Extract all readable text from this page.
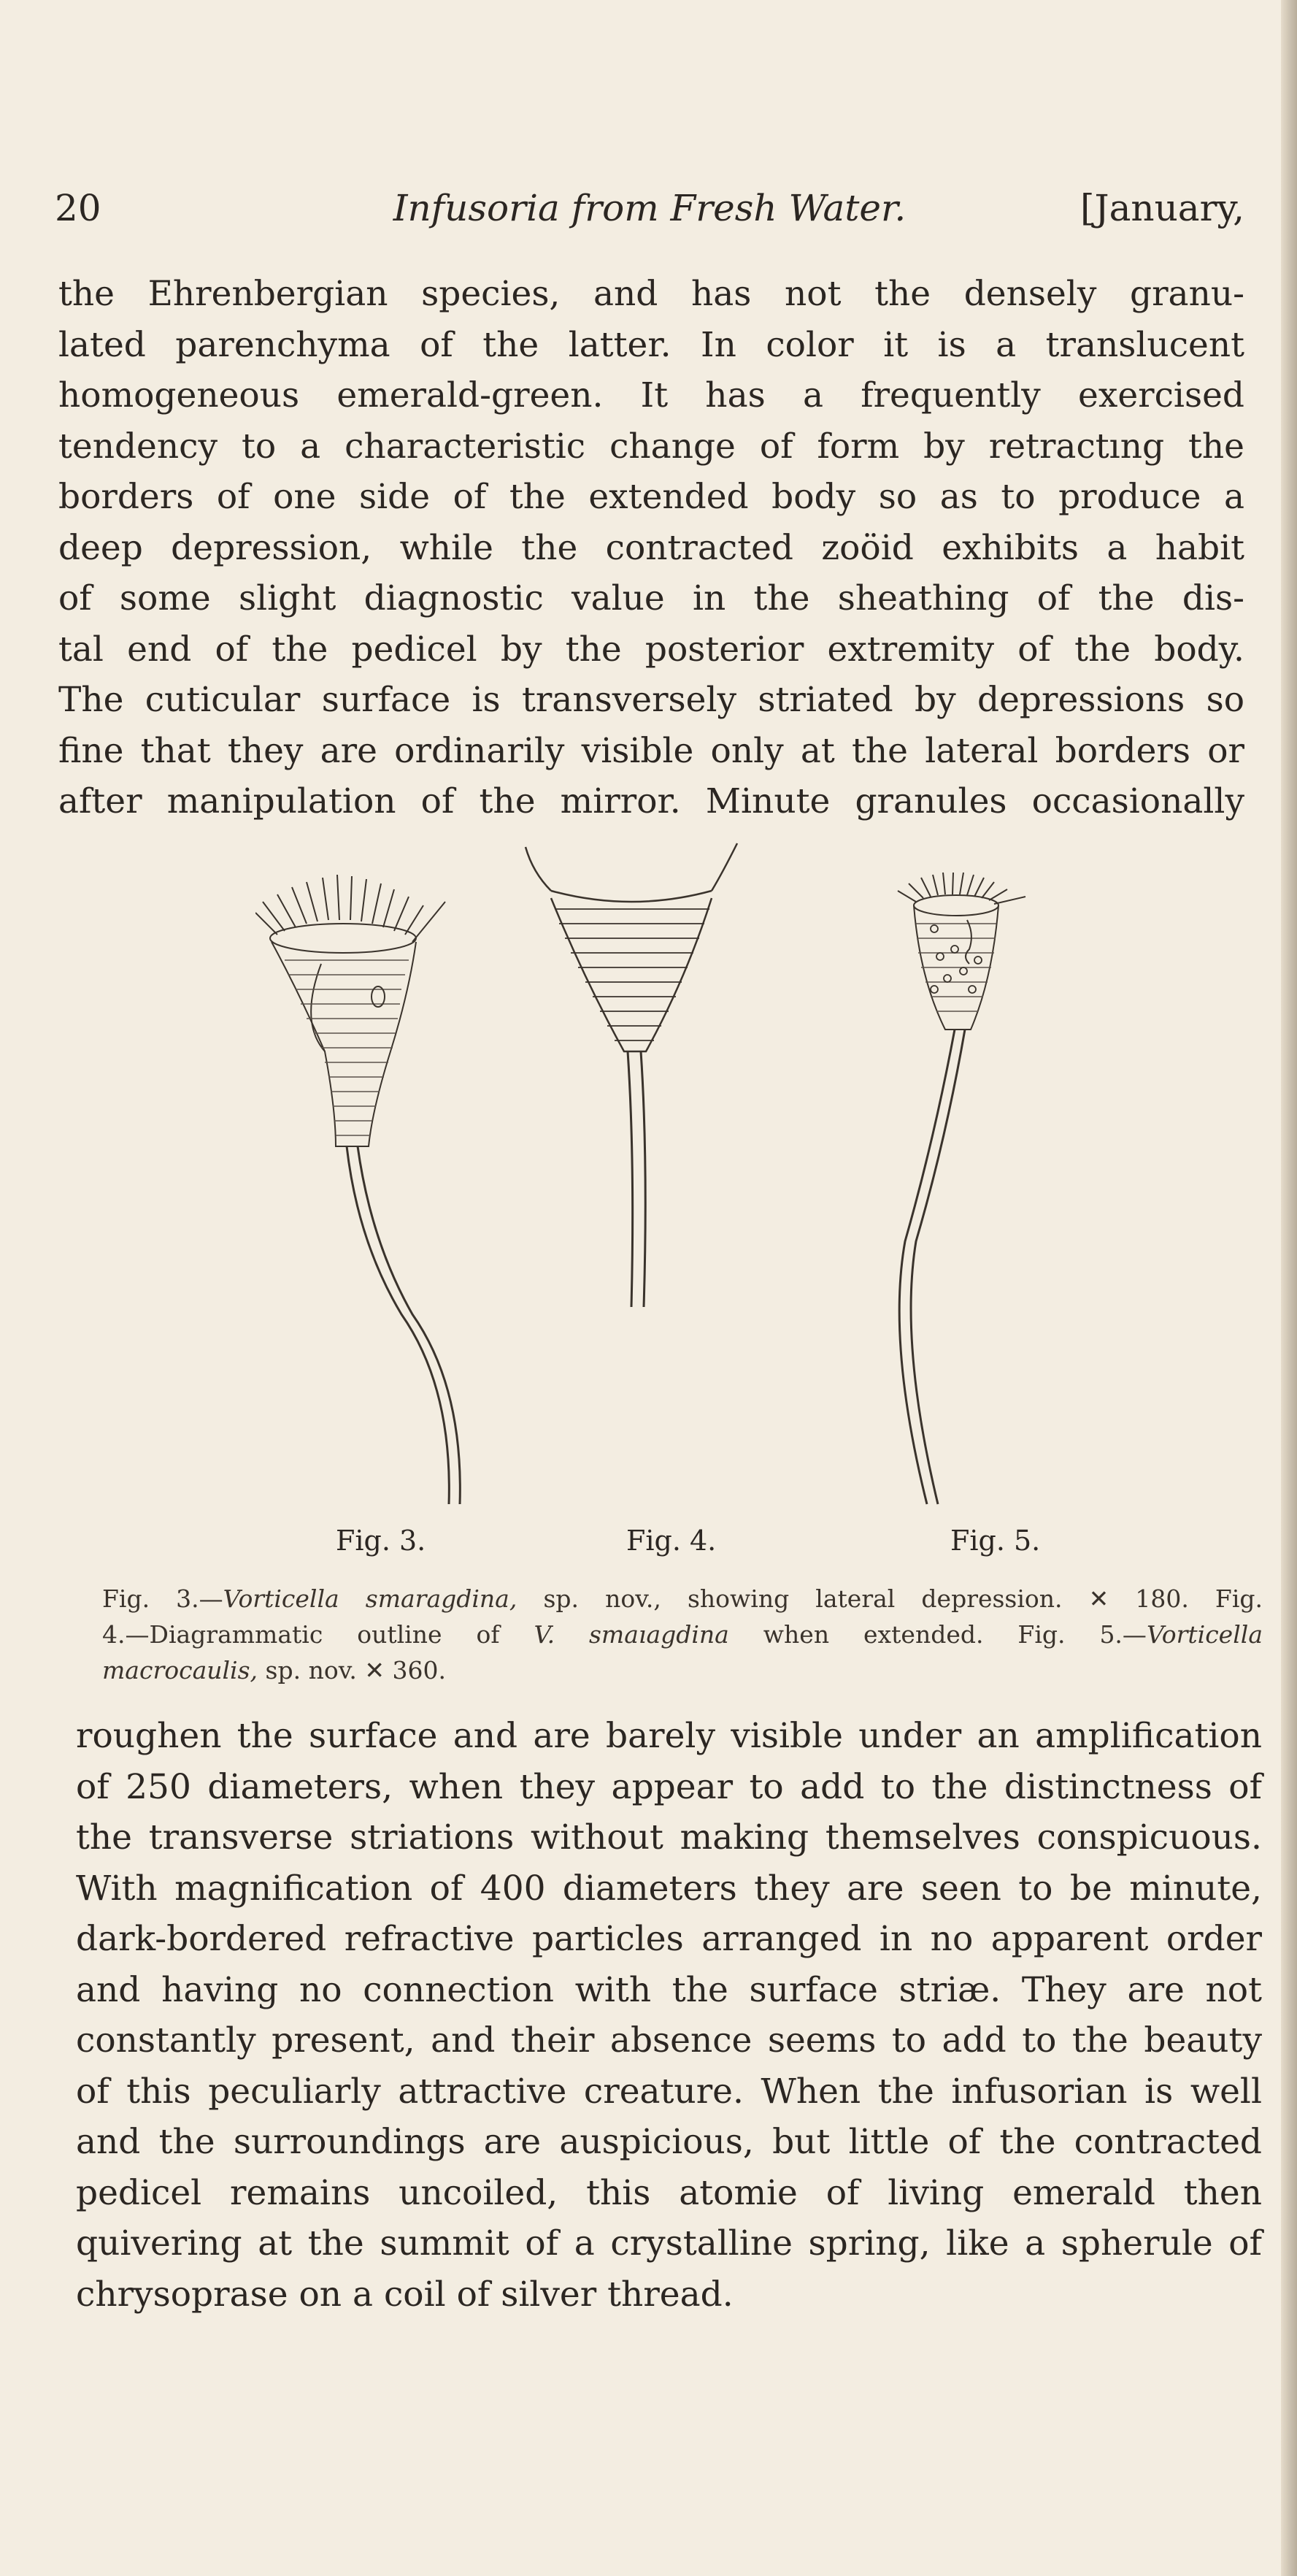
20	Infusoria from Fresh Water.	[January,
the Ehrenbergian species, and has not the densely granu-
lated parenchyma of the latter. In color it is a translucent
homogeneous emerald-green. It has a frequently exercised
tendency to a characteristic change of form by retractıng the
borders of one side of the extended body so as to produce a
deep depression, while the contracted zoöid exhibits a habit
of some slight diagnostic value in the sheathing of the dis-
tal end of the pedicel by the posterior extremity of the body.
The cuticular surface is transversely striated by depressions so
fine that they are ordinarily visible only at the lateral borders or
after manipulation of the mirror. Minute granules occasionally
Fig. 3.	Fig. 4.	Fig. 5.
Fig. 3.—Vorticella smaragdina, sp. nov., showing lateral depression. ✕ 180. Fig.
4.—Diagrammatic outline of V. smaıagdina when extended. Fig. 5.—Vorticella
macrocaulis, sp. nov. ✕ 360.
roughen the surface and are barely visible under an amplification
of 250 diameters, when they appear to add to the distinctness of
the transverse striations without making themselves conspicuous.
With magnification of 400 diameters they are seen to be minute,
dark-bordered refractive particles arranged in no apparent order
and having no connection with the surface striæ. They are not
constantly present, and their absence seems to add to the beauty
of this peculiarly attractive creature. When the infusorian is well
and the surroundings are auspicious, but little of the contracted
pedicel remains uncoiled, this atomie of living emerald then
quivering at the summit of a crystalline spring, like a spherule of
chrysoprase on a coil of silver thread.
